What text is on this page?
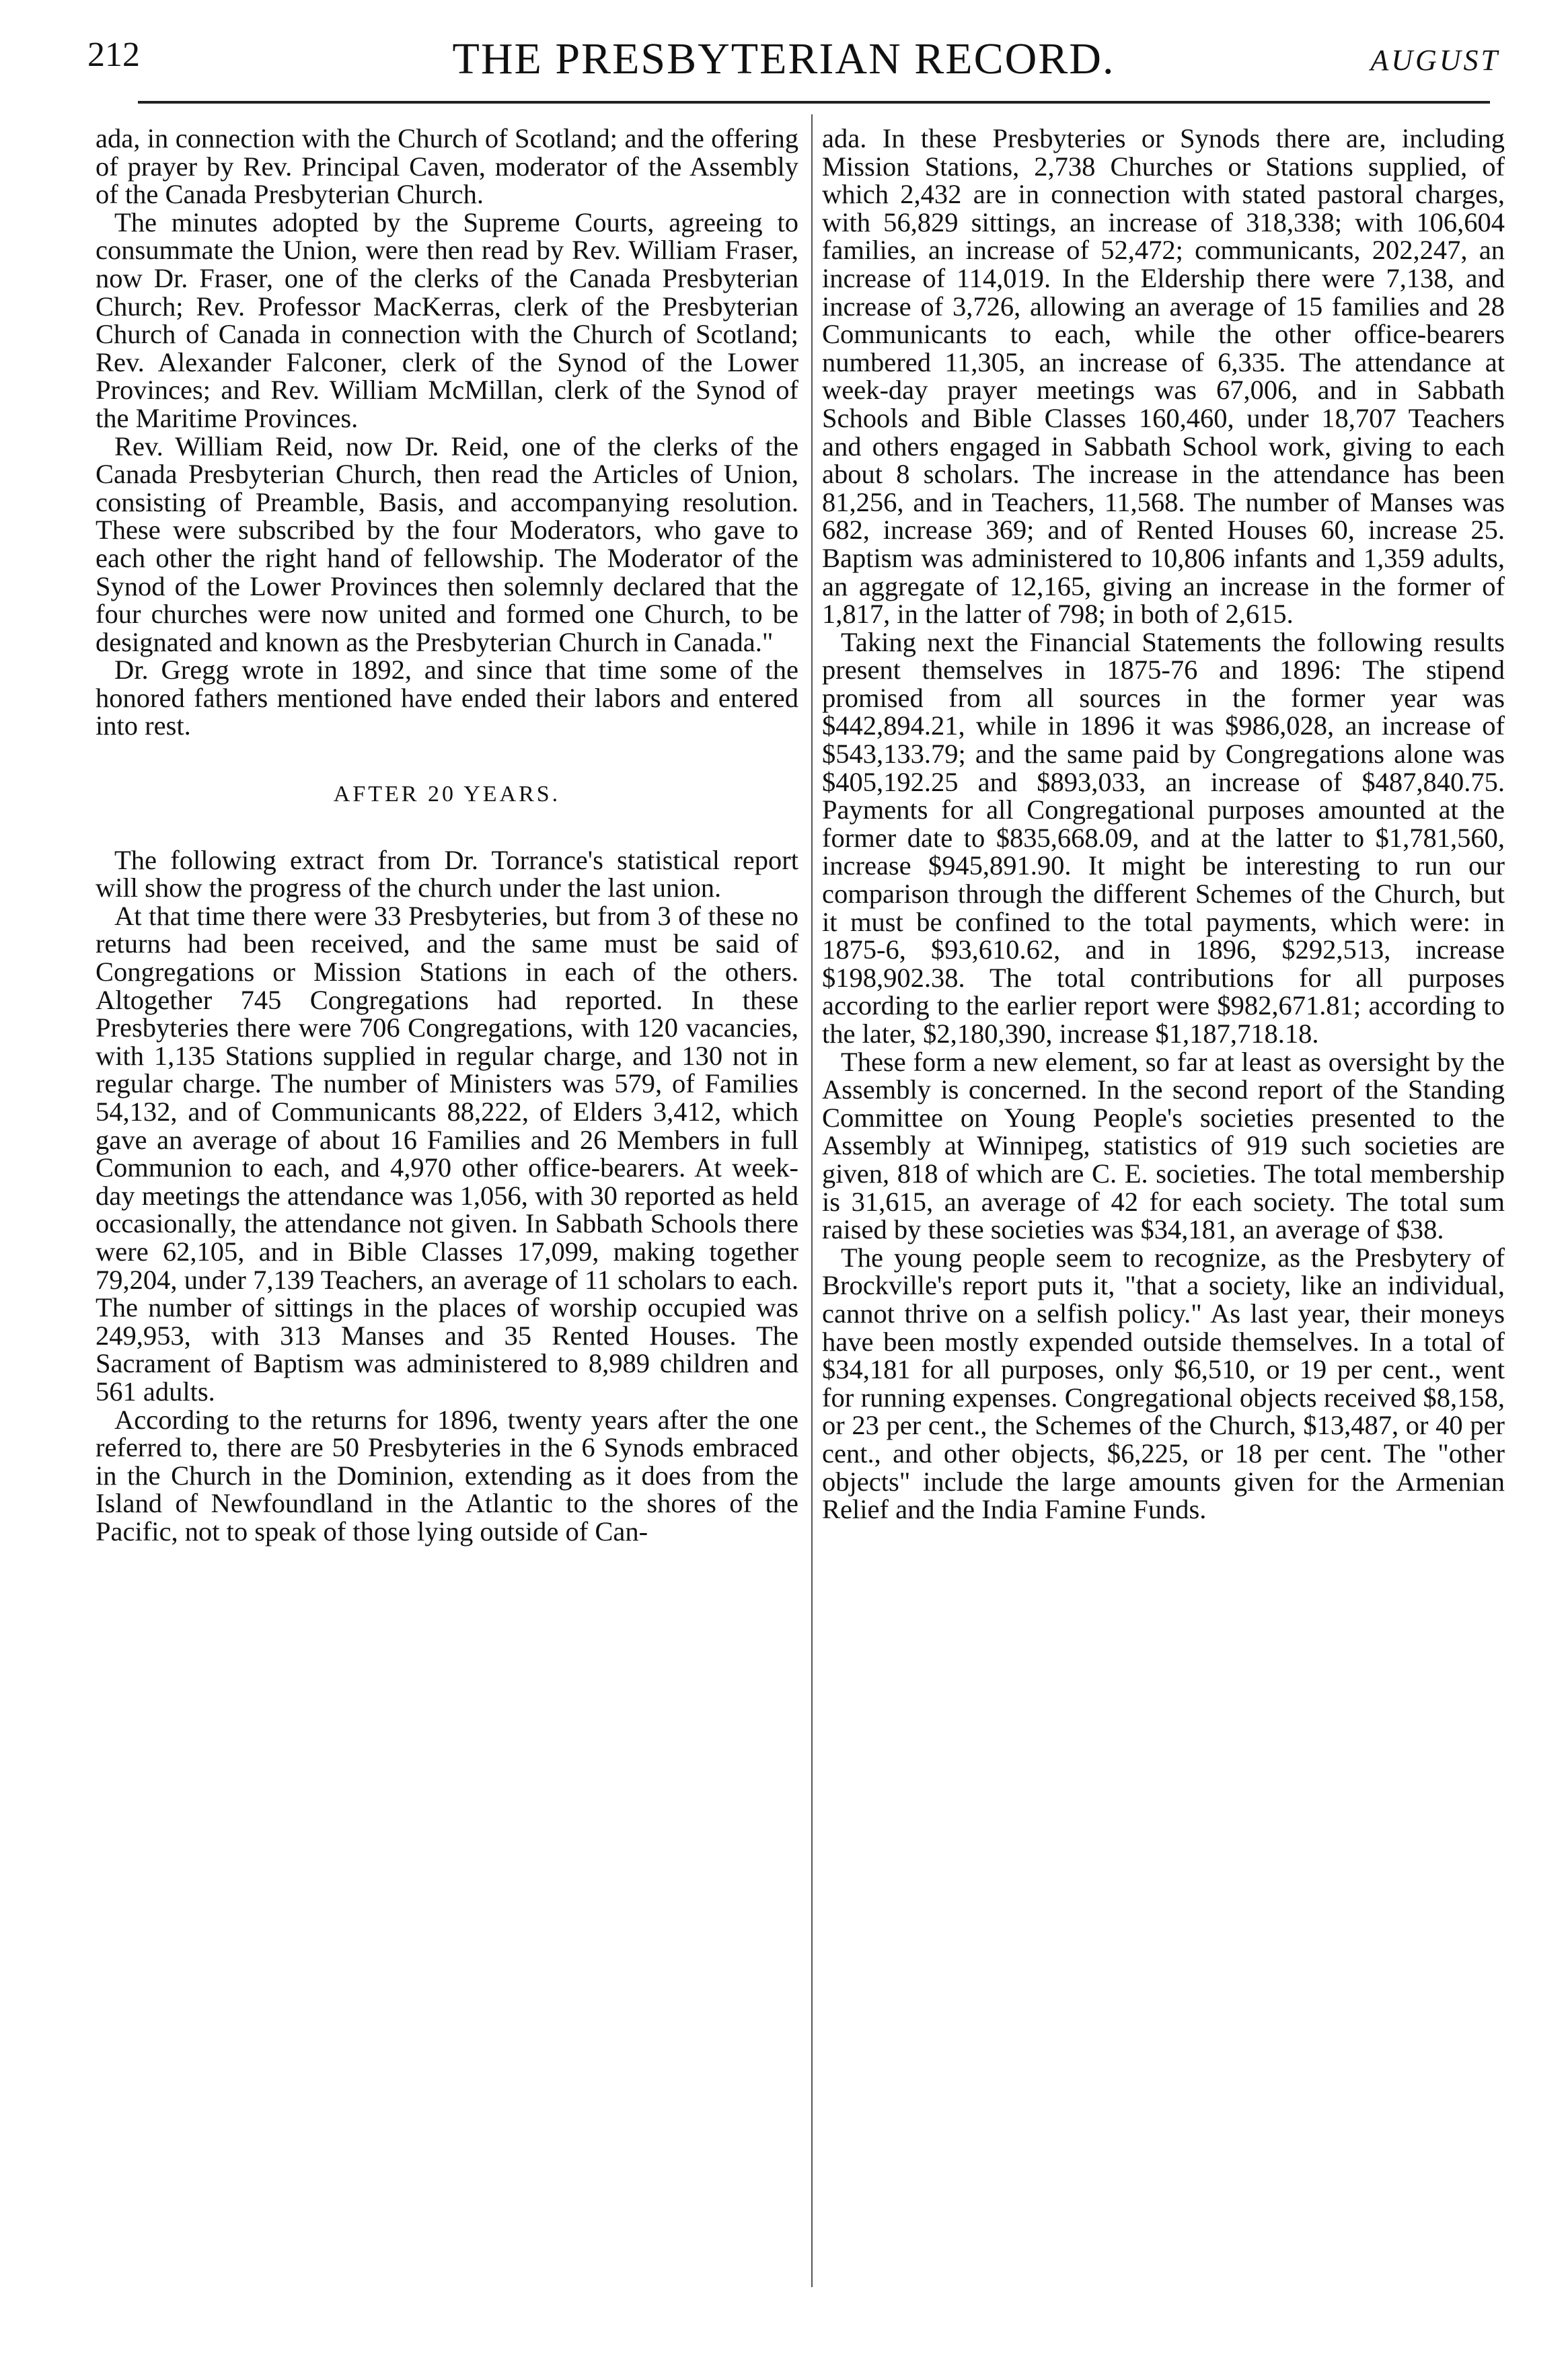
212	THE PRESBYTERIAN RECORD.	AUGUST

ada, in connection with the Church of Scotland; and the offering of prayer by Rev. Principal Caven, moderator of the Assembly of the Canada Presbyterian Church.

The minutes adopted by the Supreme Courts, agreeing to consummate the Union, were then read by Rev. William Fraser, now Dr. Fraser, one of the clerks of the Canada Presbyterian Church; Rev. Professor MacKerras, clerk of the Presbyterian Church of Canada in connection with the Church of Scotland; Rev. Alexander Falconer, clerk of the Synod of the Lower Provinces; and Rev. William McMillan, clerk of the Synod of the Maritime Provinces.

Rev. William Reid, now Dr. Reid, one of the clerks of the Canada Presbyterian Church, then read the Articles of Union, consisting of Preamble, Basis, and accompanying resolution. These were subscribed by the four Moderators, who gave to each other the right hand of fellowship. The Moderator of the Synod of the Lower Provinces then solemnly declared that the four churches were now united and formed one Church, to be designated and known as the Presbyterian Church in Canada."

Dr. Gregg wrote in 1892, and since that time some of the honored fathers mentioned have ended their labors and entered into rest.

AFTER 20 YEARS.

The following extract from Dr. Torrance's statistical report will show the progress of the church under the last union.

At that time there were 33 Presbyteries, but from 3 of these no returns had been received, and the same must be said of Congregations or Mission Stations in each of the others. Altogether 745 Congregations had reported. In these Presbyteries there were 706 Congregations, with 120 vacancies, with 1,135 Stations supplied in regular charge, and 130 not in regular charge. The number of Ministers was 579, of Families 54,132, and of Communicants 88,222, of Elders 3,412, which gave an average of about 16 Families and 26 Members in full Communion to each, and 4,970 other office-bearers. At week-day meetings the attendance was 1,056, with 30 reported as held occasionally, the attendance not given. In Sabbath Schools there were 62,105, and in Bible Classes 17,099, making together 79,204, under 7,139 Teachers, an average of 11 scholars to each. The number of sittings in the places of worship occupied was 249,953, with 313 Manses and 35 Rented Houses. The Sacrament of Baptism was administered to 8,989 children and 561 adults.

According to the returns for 1896, twenty years after the one referred to, there are 50 Presbyteries in the 6 Synods embraced in the Church in the Dominion, extending as it does from the Island of Newfoundland in the Atlantic to the shores of the Pacific, not to speak of those lying outside of Can-

ada. In these Presbyteries or Synods there are, including Mission Stations, 2,738 Churches or Stations supplied, of which 2,432 are in connection with stated pastoral charges, with 56,829 sittings, an increase of 318,338; with 106,604 families, an increase of 52,472; communicants, 202,247, an increase of 114,019. In the Eldership there were 7,138, and increase of 3,726, allowing an average of 15 families and 28 Communicants to each, while the other office-bearers numbered 11,305, an increase of 6,335. The attendance at week-day prayer meetings was 67,006, and in Sabbath Schools and Bible Classes 160,460, under 18,707 Teachers and others engaged in Sabbath School work, giving to each about 8 scholars. The increase in the attendance has been 81,256, and in Teachers, 11,568. The number of Manses was 682, increase 369; and of Rented Houses 60, increase 25. Baptism was administered to 10,806 infants and 1,359 adults, an aggregate of 12,165, giving an increase in the former of 1,817, in the latter of 798; in both of 2,615.

Taking next the Financial Statements the following results present themselves in 1875-76 and 1896: The stipend promised from all sources in the former year was $442,894.21, while in 1896 it was $986,028, an increase of $543,133.79; and the same paid by Congregations alone was $405,192.25 and $893,033, an increase of $487,840.75. Payments for all Congregational purposes amounted at the former date to $835,668.09, and at the latter to $1,781,560, increase $945,891.90. It might be interesting to run our comparison through the different Schemes of the Church, but it must be confined to the total payments, which were: in 1875-6, $93,610.62, and in 1896, $292,513, increase $198,902.38. The total contributions for all purposes according to the earlier report were $982,671.81; according to the later, $2,180,390, increase $1,187,718.18.

These form a new element, so far at least as oversight by the Assembly is concerned. In the second report of the Standing Committee on Young People's societies presented to the Assembly at Winnipeg, statistics of 919 such societies are given, 818 of which are C. E. societies. The total membership is 31,615, an average of 42 for each society. The total sum raised by these societies was $34,181, an average of $38.

The young people seem to recognize, as the Presbytery of Brockville's report puts it, "that a society, like an individual, cannot thrive on a selfish policy." As last year, their moneys have been mostly expended outside themselves. In a total of $34,181 for all purposes, only $6,510, or 19 per cent., went for running expenses. Congregational objects received $8,158, or 23 per cent., the Schemes of the Church, $13,487, or 40 per cent., and other objects, $6,225, or 18 per cent. The "other objects" include the large amounts given for the Armenian Relief and the India Famine Funds.
